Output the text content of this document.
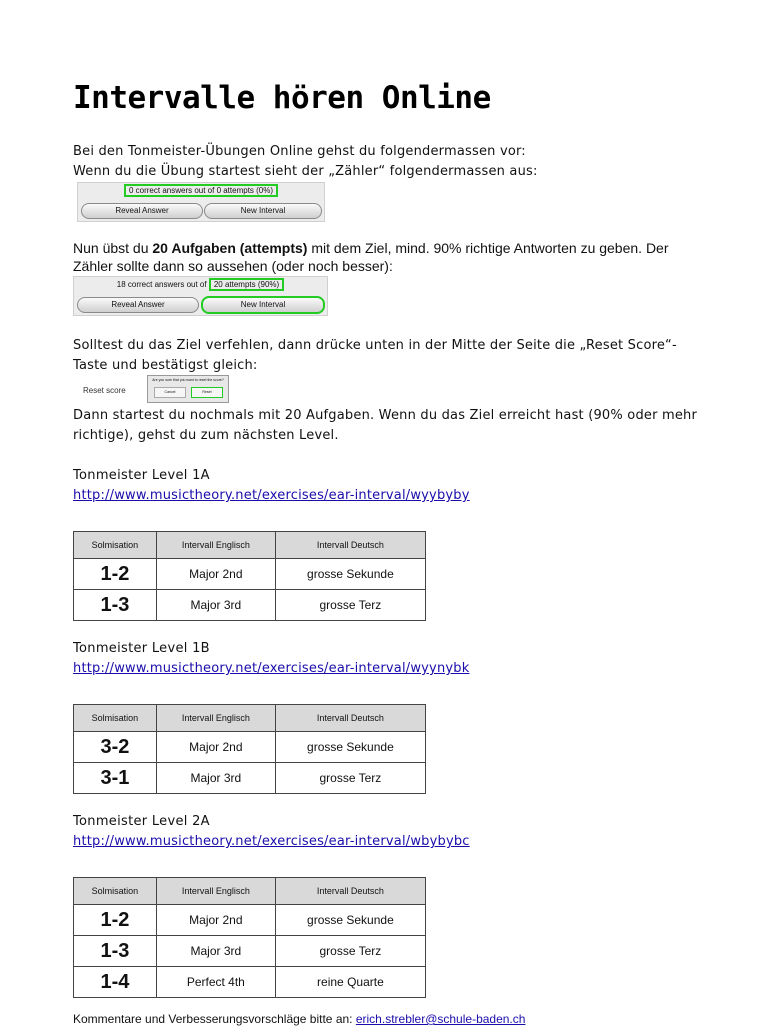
Intervalle hören Online

Bei den Tonmeister-Übungen Online gehst du folgendermassen vor:

Wenn du die Übung startest sieht der „Zähler“ folgendermassen aus:

0 correct answers out of 0 attempts (0%)
Reveal Answer	New Interval

Nun übst du 20 Aufgaben (attempts) mit dem Ziel, mind. 90% richtige Antworten zu geben. Der

Zähler sollte dann so aussehen (oder noch besser):

18 correct answers out of 20 attempts (90%)
Reveal Answer	New Interval

Solltest du das Ziel verfehlen, dann drücke unten in der Mitte der Seite die „Reset Score“-

Taste und bestätigst gleich:

Reset score
Are you sure that you want to reset the score?
Cancel	Reset

Dann startest du nochmals mit 20 Aufgaben. Wenn du das Ziel erreicht hast (90% oder mehr

richtige), gehst du zum nächsten Level.

Tonmeister Level 1A
http://www.musictheory.net/exercises/ear-interval/wyybyby
Solmisation	Intervall Englisch	Intervall Deutsch
1-2	Major 2nd	grosse Sekunde
1-3	Major 3rd	grosse Terz
Tonmeister Level 1B
http://www.musictheory.net/exercises/ear-interval/wyynybk
Solmisation	Intervall Englisch	Intervall Deutsch
3-2	Major 2nd	grosse Sekunde
3-1	Major 3rd	grosse Terz
Tonmeister Level 2A
http://www.musictheory.net/exercises/ear-interval/wbybybc
Solmisation	Intervall Englisch	Intervall Deutsch
1-2	Major 2nd	grosse Sekunde
1-3	Major 3rd	grosse Terz
1-4	Perfect 4th	reine Quarte
Kommentare und Verbesserungsvorschläge bitte an: erich.strebler@schule-baden.ch
